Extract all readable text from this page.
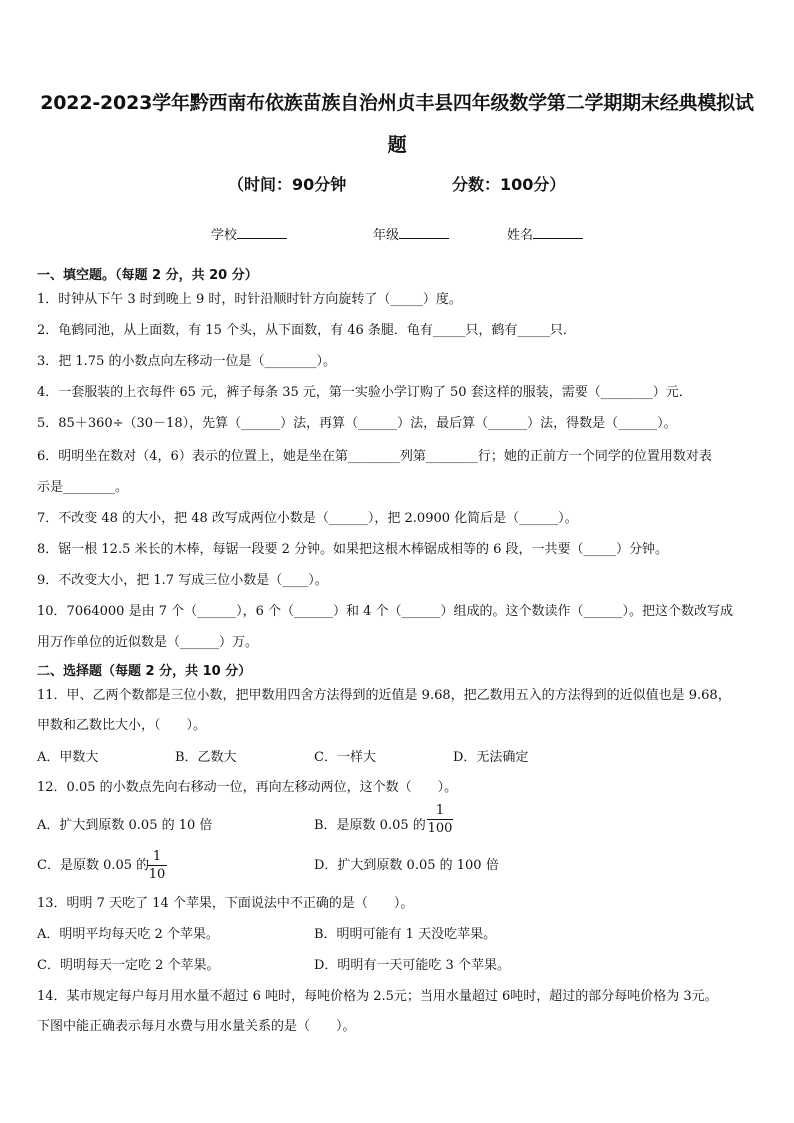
2022-2023学年黔西南布依族苗族自治州贞丰县四年级数学第二学期期末经典模拟试
题
（时间：90分钟	分数：100分）
学校	年级	姓名
一、填空题。（每题 2 分，共 20 分）
1．时钟从下午 3 时到晚上 9 时，时针沿顺时针方向旋转了（_____）度。
2．龟鹤同池，从上面数，有 15 个头，从下面数，有 46 条腿．龟有_____只，鹤有_____只．
3．把 1.75 的小数点向左移动一位是（________）。
4．一套服装的上衣每件 65 元，裤子每条 35 元，第一实验小学订购了 50 套这样的服装，需要（________）元．
5．85＋360÷（30－18），先算（______）法，再算（______）法，最后算（______）法，得数是（______）。
6．明明坐在数对（4，6）表示的位置上，她是坐在第________列第________行；她的正前方一个同学的位置用数对表
示是________。
7．不改变 48 的大小，把 48 改写成两位小数是（______），把 2.0900 化简后是（______）。
8．锯一根 12.5 米长的木棒，每锯一段要 2 分钟。如果把这根木棒锯成相等的 6 段，一共要（_____）分钟。
9．不改变大小，把 1.7 写成三位小数是（____）。
10．7064000 是由 7 个（______），6 个（______）和 4 个（______）组成的。这个数读作（______）。把这个数改写成
用万作单位的近似数是（______）万。
二、选择题（每题 2 分，共 10 分）
11．甲、乙两个数都是三位小数，把甲数用四舍方法得到的近值是 9.68，把乙数用五入的方法得到的近似值也是 9.68，
甲数和乙数比大小，（　　）。
A．甲数大	B．乙数大	C．一样大	D．无法确定
12．0.05 的小数点先向右移动一位，再向左移动两位，这个数（　　）。
A．扩大到原数 0.05 的 10 倍	B．是原数 0.05 的
1
100
C．是原数 0.05 的
1
10
D．扩大到原数 0.05 的 100 倍
13．明明 7 天吃了 14 个苹果，下面说法中不正确的是（　　）。
A．明明平均每天吃 2 个苹果。	B．明明可能有 1 天没吃苹果。
C．明明每天一定吃 2 个苹果。	D．明明有一天可能吃 3 个苹果。
14．某市规定每户每月用水量不超过 6 吨时，每吨价格为 2.5元；当用水量超过 6吨时，超过的部分每吨价格为 3元。
下图中能正确表示每月水费与用水量关系的是（　　）。
